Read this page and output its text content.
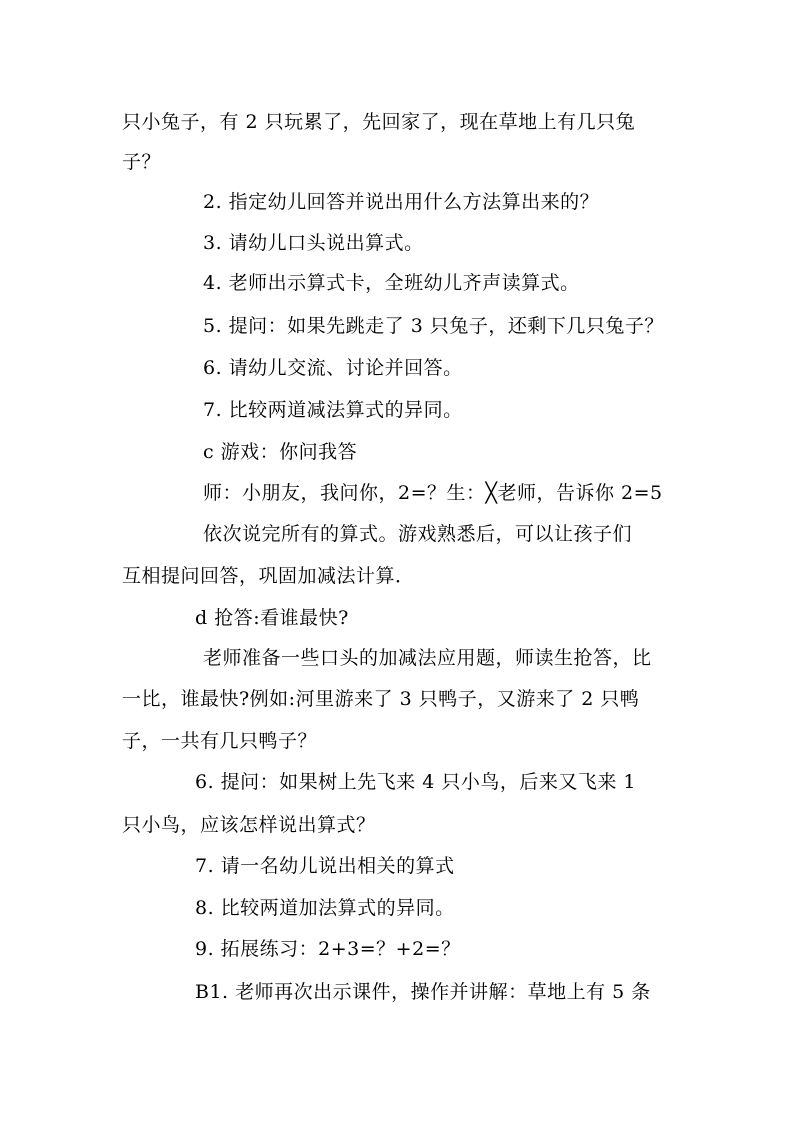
只小兔子，有 2 只玩累了，先回家了，现在草地上有几只兔
子？
2. 指定幼儿回答并说出用什么方法算出来的？
3. 请幼儿口头说出算式。
4. 老师出示算式卡，全班幼儿齐声读算式。
5. 提问：如果先跳走了 3 只兔子，还剩下几只兔子？
6. 请幼儿交流、讨论并回答。
7. 比较两道减法算式的异同。
c 游戏：你问我答
师：小朋友，我问你，2=？生：╳老师，告诉你 2=5
依次说完所有的算式。游戏熟悉后，可以让孩子们
互相提问回答，巩固加减法计算．
d 抢答:看谁最快?
老师准备一些口头的加减法应用题，师读生抢答，比
一比，谁最快?例如:河里游来了 3 只鸭子，又游来了 2 只鸭
子，一共有几只鸭子？
6. 提问：如果树上先飞来 4 只小鸟，后来又飞来 1
只小鸟，应该怎样说出算式？
7. 请一名幼儿说出相关的算式
8. 比较两道加法算式的异同。
9. 拓展练习：2+3=？+2=？
B1. 老师再次出示课件，操作并讲解：草地上有 5 条
